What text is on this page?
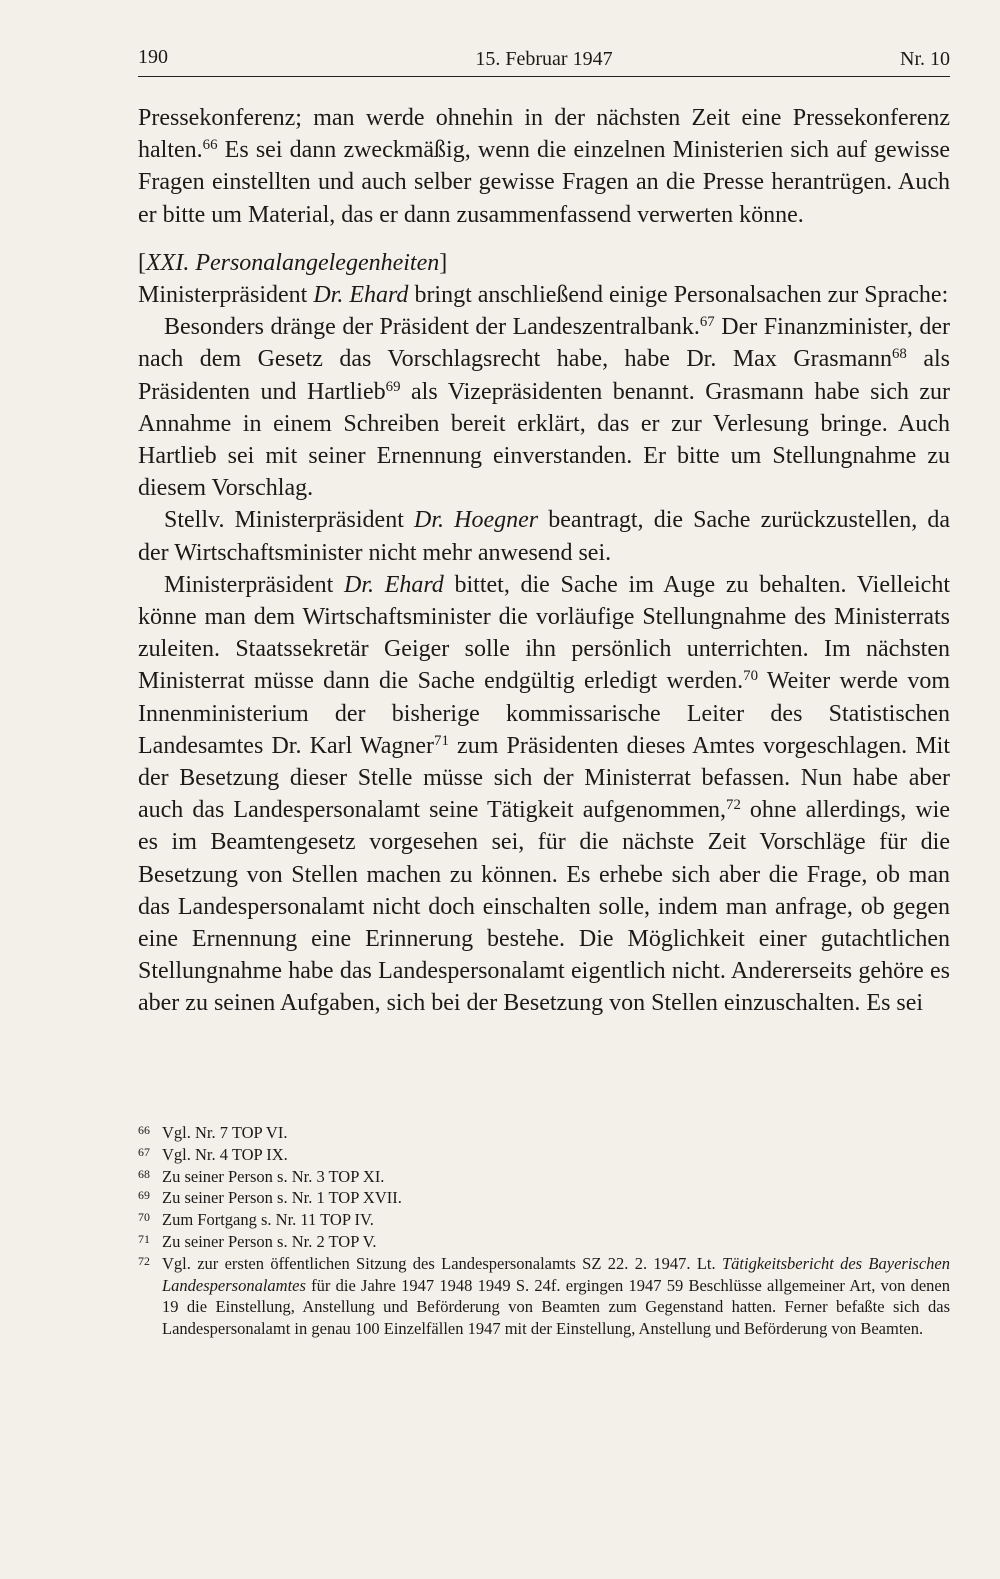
190	15. Februar 1947	Nr. 10

Pressekonferenz; man werde ohnehin in der nächsten Zeit eine Pressekonferenz halten.$^{66}$ Es sei dann zweckmäßig, wenn die einzelnen Ministerien sich auf gewisse Fragen einstellten und auch selber gewisse Fragen an die Presse herantrügen. Auch er bitte um Material, das er dann zusammenfassend verwerten könne.

[XXI. Personalangelegenheiten]

Ministerpräsident Dr. Ehard bringt anschließend einige Personalsachen zur Sprache:

Besonders dränge der Präsident der Landeszentralbank.$^{67}$ Der Finanzminister, der nach dem Gesetz das Vorschlagsrecht habe, habe Dr. Max Grasmann$^{68}$ als Präsidenten und Hartlieb$^{69}$ als Vizepräsidenten benannt. Grasmann habe sich zur Annahme in einem Schreiben bereit erklärt, das er zur Verlesung bringe. Auch Hartlieb sei mit seiner Ernennung einverstanden. Er bitte um Stellungnahme zu diesem Vorschlag.

Stellv. Ministerpräsident Dr. Hoegner beantragt, die Sache zurückzustellen, da der Wirtschaftsminister nicht mehr anwesend sei.

Ministerpräsident Dr. Ehard bittet, die Sache im Auge zu behalten. Vielleicht könne man dem Wirtschaftsminister die vorläufige Stellungnahme des Ministerrats zuleiten. Staatssekretär Geiger solle ihn persönlich unterrichten. Im nächsten Ministerrat müsse dann die Sache endgültig erledigt werden.$^{70}$ Weiter werde vom Innenministerium der bisherige kommissarische Leiter des Statistischen Landesamtes Dr. Karl Wagner$^{71}$ zum Präsidenten dieses Amtes vorgeschlagen. Mit der Besetzung dieser Stelle müsse sich der Ministerrat befassen. Nun habe aber auch das Landespersonalamt seine Tätigkeit aufgenommen,$^{72}$ ohne allerdings, wie es im Beamtengesetz vorgesehen sei, für die nächste Zeit Vorschläge für die Besetzung von Stellen machen zu können. Es erhebe sich aber die Frage, ob man das Landespersonalamt nicht doch einschalten solle, indem man anfrage, ob gegen eine Ernennung eine Erinnerung bestehe. Die Möglichkeit einer gutachtlichen Stellungnahme habe das Landespersonalamt eigentlich nicht. Andererseits gehöre es aber zu seinen Aufgaben, sich bei der Besetzung von Stellen einzuschalten. Es sei

66 Vgl. Nr. 7 TOP VI.
67 Vgl. Nr. 4 TOP IX.
68 Zu seiner Person s. Nr. 3 TOP XI.
69 Zu seiner Person s. Nr. 1 TOP XVII.
70 Zum Fortgang s. Nr. 11 TOP IV.
71 Zu seiner Person s. Nr. 2 TOP V.
72 Vgl. zur ersten öffentlichen Sitzung des Landespersonalamts SZ 22. 2. 1947. Lt. Tätigkeitsbericht des Bayerischen Landespersonalamtes für die Jahre 1947 1948 1949 S. 24f. ergingen 1947 59 Beschlüsse allgemeiner Art, von denen 19 die Einstellung, Anstellung und Beförderung von Beamten zum Gegenstand hatten. Ferner befaßte sich das Landespersonalamt in genau 100 Einzelfällen 1947 mit der Einstellung, Anstellung und Beförderung von Beamten.
